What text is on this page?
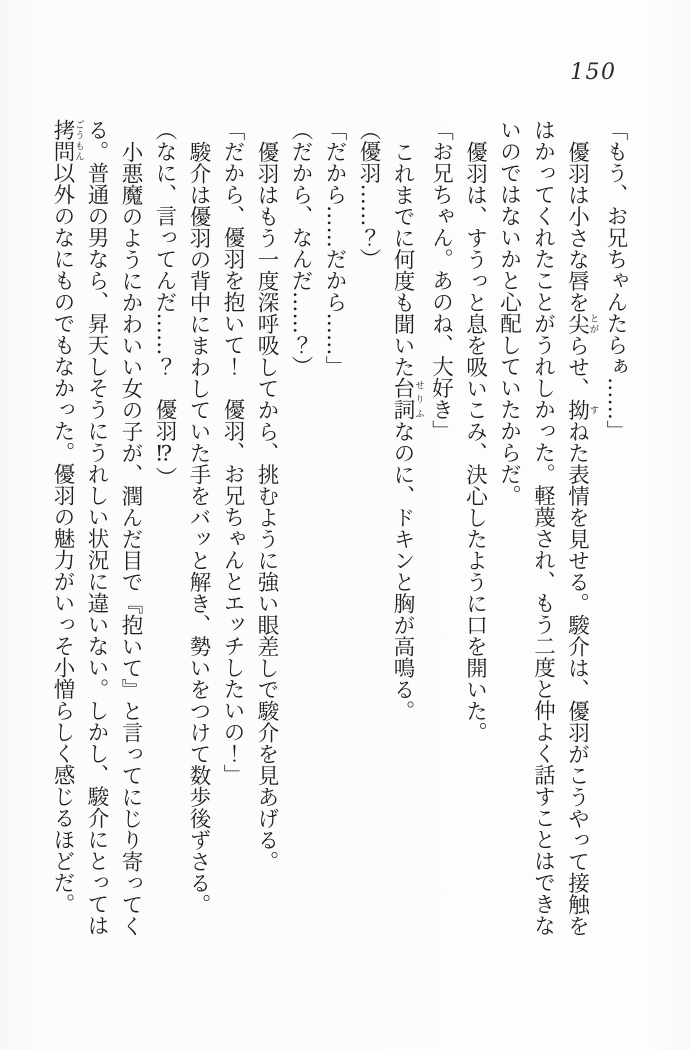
150

「もう、お兄ちゃんたらぁ……」

優羽は小さな唇を尖とがらせ、拗すねた表情を見せる。駿介は、優羽がこうやって接触をはかってくれたことがうれしかった。軽蔑され、もう二度と仲よく話すことはできないのではないかと心配していたからだ。

優羽は、すうっと息を吸いこみ、決心したように口を開いた。

「お兄ちゃん。あのね、大好き」

これまでに何度も聞いた台詞せりふなのに、ドキンと胸が高鳴る。

（優羽……？）

「だから……だから……」

（だから、なんだ……？）

優羽はもう一度深呼吸してから、挑むように強い眼差しで駿介を見あげる。

「だから、優羽を抱いて！　優羽、お兄ちゃんとエッチしたいの！」

駿介は優羽の背中にまわしていた手をバッと解き、勢いをつけて数歩後ずさる。

（なに、言ってんだ……？　優羽⁉）

小悪魔のようにかわいい女の子が、潤んだ目で『抱いて』と言ってにじり寄ってくる。普通の男なら、昇天しそうにうれしい状況に違いない。しかし、駿介にとっては拷問ごうもん以外のなにものでもなかった。優羽の魅力がいっそ小憎らしく感じるほどだ。
